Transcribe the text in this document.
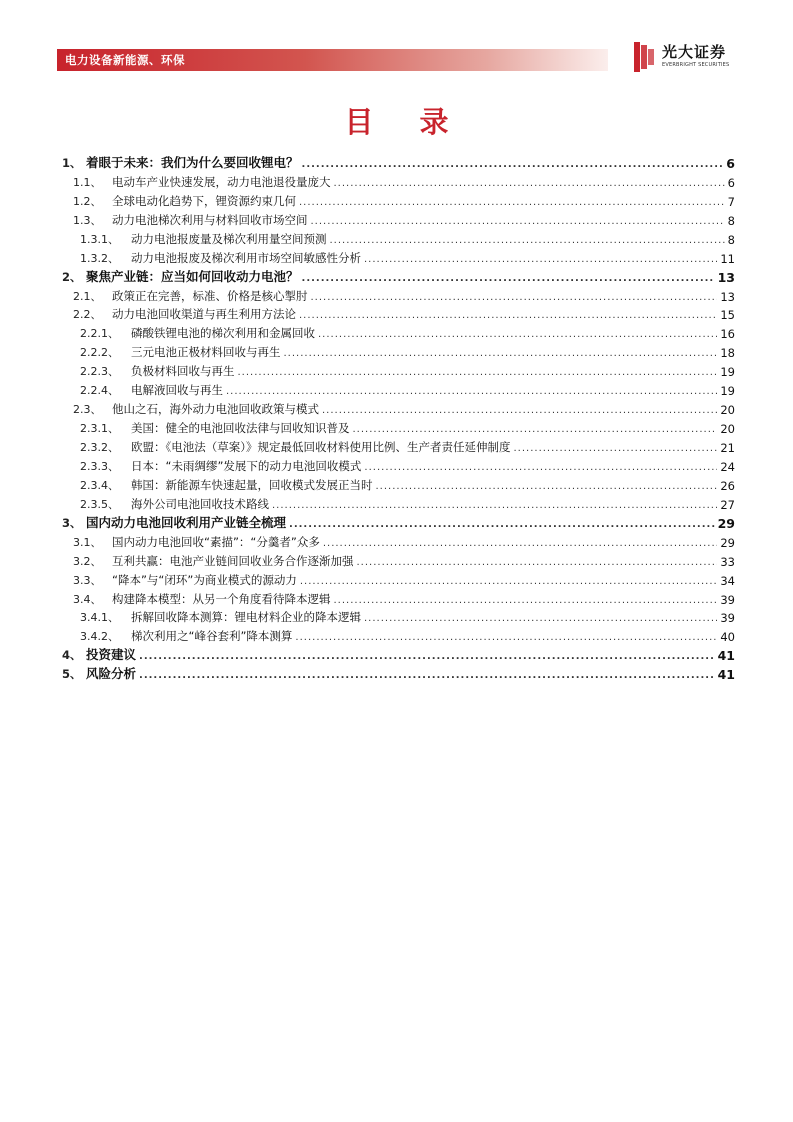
电力设备新能源、环保	光大证券
EVERBRIGHT SECURITIES
目 录
1、 着眼于未来：我们为什么要回收锂电？ .....	6
1.1、 电动车产业快速发展，动力电池退役量庞大 .....	6
1.2、 全球电动化趋势下，锂资源约束几何 .....	7
1.3、 动力电池梯次利用与材料回收市场空间 .....	8
1.3.1、	动力电池报废量及梯次利用量空间预测 .....	8
1.3.2、	动力电池报废及梯次利用市场空间敏感性分析 .....	11
2、 聚焦产业链：应当如何回收动力电池？ .....	13
2.1、 政策正在完善，标准、价格是核心掣肘 .....	13
2.2、 动力电池回收渠道与再生利用方法论 .....	15
2.2.1、	磷酸铁锂电池的梯次利用和金属回收 .....	16
2.2.2、	三元电池正极材料回收与再生 .....	18
2.2.3、	负极材料回收与再生 .....	19
2.2.4、	电解液回收与再生 .....	19
2.3、 他山之石，海外动力电池回收政策与模式 .....	20
2.3.1、	美国：健全的电池回收法律与回收知识普及 .....	20
2.3.2、	欧盟：《电池法（草案）》规定最低回收材料使用比例、生产者责任延伸制度 .....	21
2.3.3、	日本：“未雨绸缪”发展下的动力电池回收模式 .....	24
2.3.4、	韩国：新能源车快速起量，回收模式发展正当时 .....	26
2.3.5、	海外公司电池回收技术路线 .....	27
3、 国内动力电池回收利用产业链全梳理 .....	29
3.1、 国内动力电池回收“素描”：“分羹者”众多 .....	29
3.2、 互利共赢：电池产业链间回收业务合作逐渐加强 .....	33
3.3、 “降本”与“闭环”为商业模式的源动力 .....	34
3.4、 构建降本模型：从另一个角度看待降本逻辑 .....	39
3.4.1、	拆解回收降本测算：锂电材料企业的降本逻辑 .....	39
3.4.2、	梯次利用之“峰谷套利”降本测算 .....	40
4、 投资建议 .....	41
5、 风险分析 .....	41
